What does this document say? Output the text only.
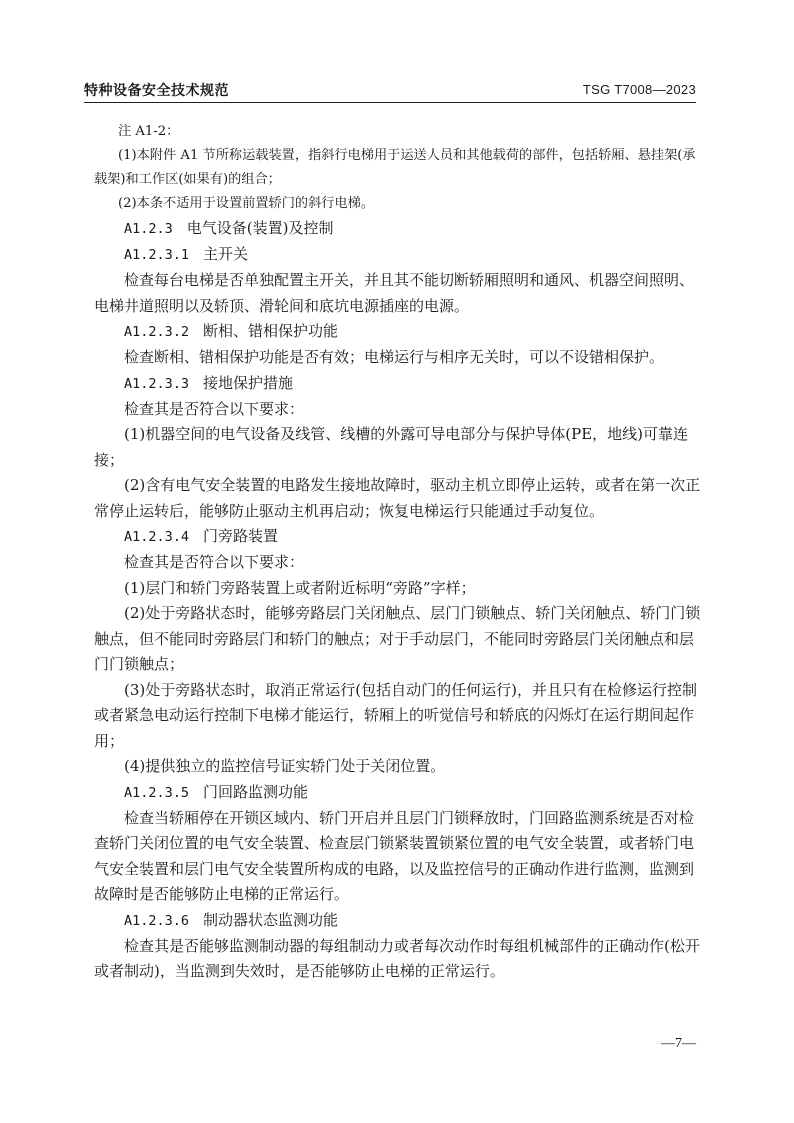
特种设备安全技术规范	TSG T7008—2023

注 A1-2：

(1)本附件 A1 节所称运载装置，指斜行电梯用于运送人员和其他载荷的部件，包括轿厢、悬挂架(承载架)和工作区(如果有)的组合；

(2)本条不适用于设置前置轿门的斜行电梯。

A1.2.3 电气设备(装置)及控制

A1.2.3.1 主开关

检查每台电梯是否单独配置主开关，并且其不能切断轿厢照明和通风、机器空间照明、电梯井道照明以及轿顶、滑轮间和底坑电源插座的电源。

A1.2.3.2 断相、错相保护功能

检查断相、错相保护功能是否有效；电梯运行与相序无关时，可以不设错相保护。

A1.2.3.3 接地保护措施

检查其是否符合以下要求：

(1)机器空间的电气设备及线管、线槽的外露可导电部分与保护导体(PE，地线)可靠连接；

(2)含有电气安全装置的电路发生接地故障时，驱动主机立即停止运转，或者在第一次正常停止运转后，能够防止驱动主机再启动；恢复电梯运行只能通过手动复位。

A1.2.3.4 门旁路装置

检查其是否符合以下要求：

(1)层门和轿门旁路装置上或者附近标明“旁路”字样；

(2)处于旁路状态时，能够旁路层门关闭触点、层门门锁触点、轿门关闭触点、轿门门锁触点，但不能同时旁路层门和轿门的触点；对于手动层门，不能同时旁路层门关闭触点和层门门锁触点；

(3)处于旁路状态时，取消正常运行(包括自动门的任何运行)，并且只有在检修运行控制或者紧急电动运行控制下电梯才能运行，轿厢上的听觉信号和轿底的闪烁灯在运行期间起作用；

(4)提供独立的监控信号证实轿门处于关闭位置。

A1.2.3.5 门回路监测功能

检查当轿厢停在开锁区域内、轿门开启并且层门门锁释放时，门回路监测系统是否对检查轿门关闭位置的电气安全装置、检查层门锁紧装置锁紧位置的电气安全装置，或者轿门电气安全装置和层门电气安全装置所构成的电路，以及监控信号的正确动作进行监测，监测到故障时是否能够防止电梯的正常运行。

A1.2.3.6 制动器状态监测功能

检查其是否能够监测制动器的每组制动力或者每次动作时每组机械部件的正确动作(松开或者制动)，当监测到失效时，是否能够防止电梯的正常运行。

—7—
